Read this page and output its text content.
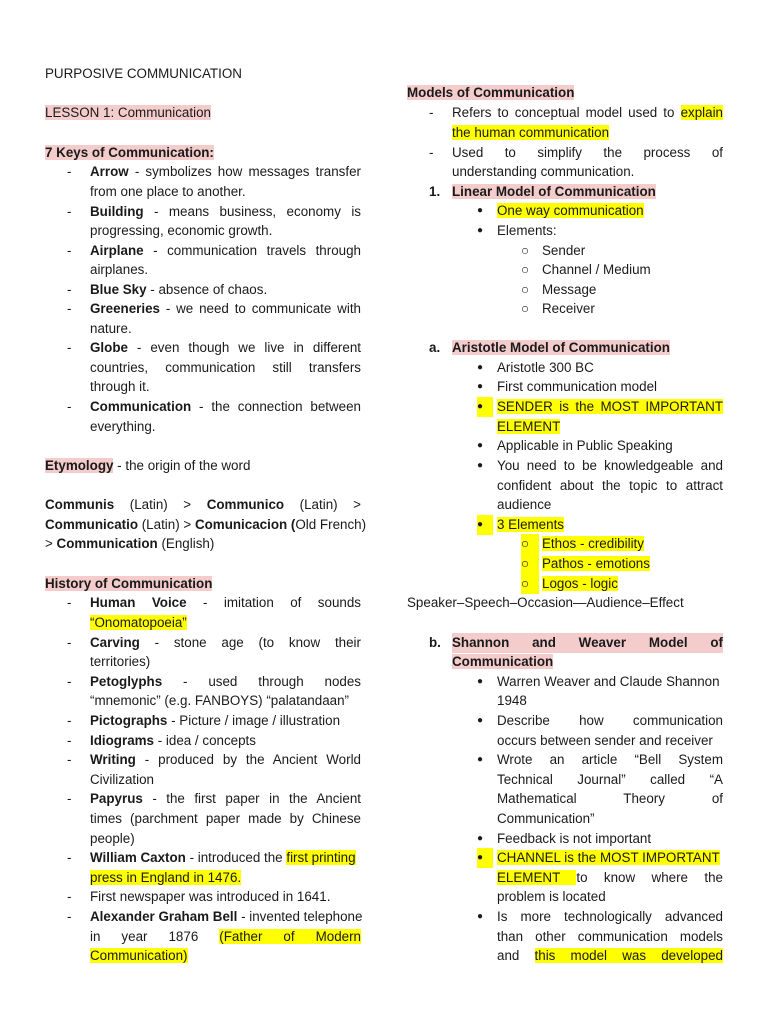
PURPOSIVE COMMUNICATION
LESSON 1: Communication
7 Keys of Communication:
- Arrow - symbolizes how messages transfer
from one place to another.
- Building - means business, economy is
progressing, economic growth.
- Airplane - communication travels through
airplanes.
- Blue Sky - absence of chaos.
- Greeneries - we need to communicate with
nature.
- Globe - even though we live in different
countries, communication still transfers
through it.
- Communication - the connection between
everything.
Etymology - the origin of the word
Communis (Latin) > Communico (Latin) >
Communicatio (Latin) > Comunicacion (Old French)
> Communication (English)
History of Communication
- Human Voice - imitation of sounds
“Onomatopoeia”
- Carving - stone age (to know their
territories)
- Petoglyphs - used through nodes
“mnemonic” (e.g. FANBOYS) “palatandaan”
- Pictographs - Picture / image / illustration
- Idiograms - idea / concepts
- Writing - produced by the Ancient World
Civilization
- Papyrus - the first paper in the Ancient
times (parchment paper made by Chinese
people)
- William Caxton - introduced the first printing
press in England in 1476.
- First newspaper was introduced in 1641.
- Alexander Graham Bell - invented telephone
in year 1876 (Father of Modern
Communication)
Models of Communication
- Refers to conceptual model used to explain
the human communication
- Used to simplify the process of
understanding communication.
1. Linear Model of Communication
● One way communication
● Elements:
○ Sender
○ Channel / Medium
○ Message
○ Receiver
a. Aristotle Model of Communication
● Aristotle 300 BC
● First communication model
●	SENDER is the MOST IMPORTANT
ELEMENT
● Applicable in Public Speaking
● You need to be knowledgeable and
confident about the topic to attract
audience
●	3 Elements
○ Ethos - credibility
○ Pathos - emotions
○ Logos - logic
Speaker–Speech–Occasion—Audience–Effect
b. Shannon and Weaver Model of
Communication
● Warren Weaver and Claude Shannon
1948
● Describe how communication
occurs between sender and receiver
● Wrote an article “Bell System
Technical Journal” called “A
Mathematical Theory of
Communication”
● Feedback is not important
●	CHANNEL is the MOST IMPORTANT
ELEMENT to know where the
problem is located
● Is more technologically advanced
than other communication models
and this model was developed
